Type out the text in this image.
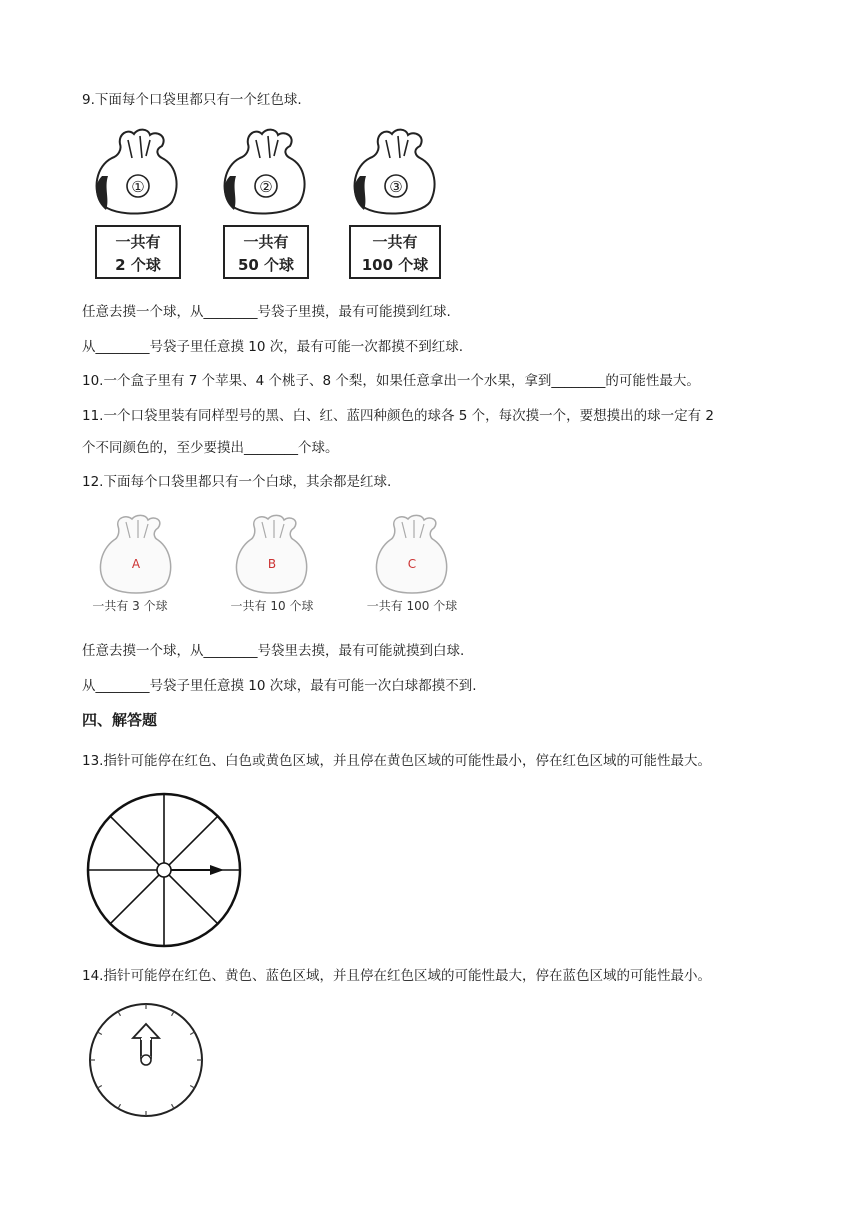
9.下面每个口袋里都只有一个红色球.
①
一共有
2 个球
②
一共有
50 个球
③
一共有
100 个球
任意去摸一个球，从________号袋子里摸，最有可能摸到红球.
从________号袋子里任意摸 10 次，最有可能一次都摸不到红球.
10.一个盒子里有 7 个苹果、4 个桃子、8 个梨，如果任意拿出一个水果，拿到________的可能性最大。
11.一个口袋里装有同样型号的黑、白、红、蓝四种颜色的球各 5 个，每次摸一个，要想摸出的球一定有 2
个不同颜色的，至少要摸出________个球。
12.下面每个口袋里都只有一个白球，其余都是红球.
A
一共有 3 个球
B
一共有 10 个球
C
一共有 100 个球
任意去摸一个球，从________号袋里去摸，最有可能就摸到白球.
从________号袋子里任意摸 10 次球，最有可能一次白球都摸不到.
四、解答题
13.指针可能停在红色、白色或黄色区域，并且停在黄色区域的可能性最小，停在红色区域的可能性最大。
14.指针可能停在红色、黄色、蓝色区域，并且停在红色区域的可能性最大，停在蓝色区域的可能性最小。
